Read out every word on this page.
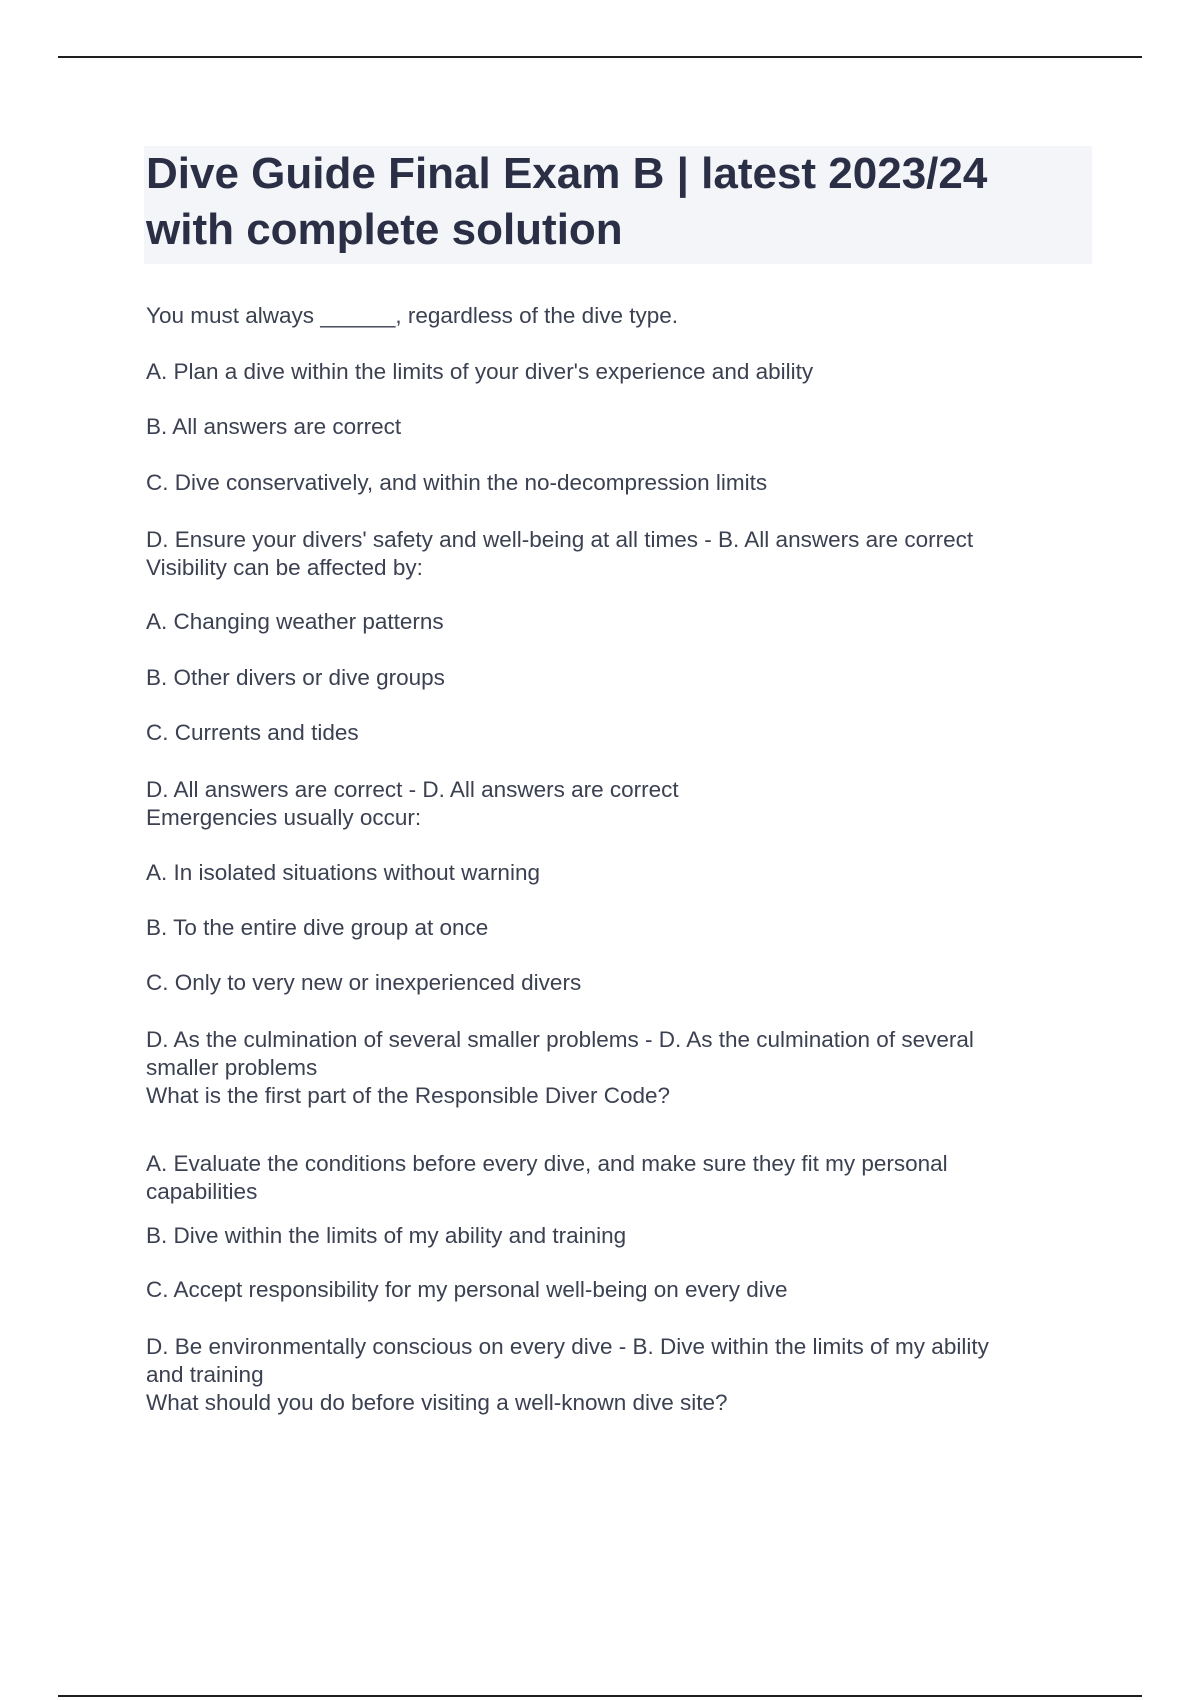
Dive Guide Final Exam B | latest 2023/24
with complete solution
You must always ______, regardless of the dive type.
A. Plan a dive within the limits of your diver's experience and ability
B. All answers are correct
C. Dive conservatively, and within the no-decompression limits
D. Ensure your divers' safety and well-being at all times - B. All answers are correct
Visibility can be affected by:
A. Changing weather patterns
B. Other divers or dive groups
C. Currents and tides
D. All answers are correct - D. All answers are correct
Emergencies usually occur:
A. In isolated situations without warning
B. To the entire dive group at once
C. Only to very new or inexperienced divers
D. As the culmination of several smaller problems - D. As the culmination of several
smaller problems
What is the first part of the Responsible Diver Code?
A. Evaluate the conditions before every dive, and make sure they fit my personal
capabilities
B. Dive within the limits of my ability and training
C. Accept responsibility for my personal well-being on every dive
D. Be environmentally conscious on every dive - B. Dive within the limits of my ability
and training
What should you do before visiting a well-known dive site?
